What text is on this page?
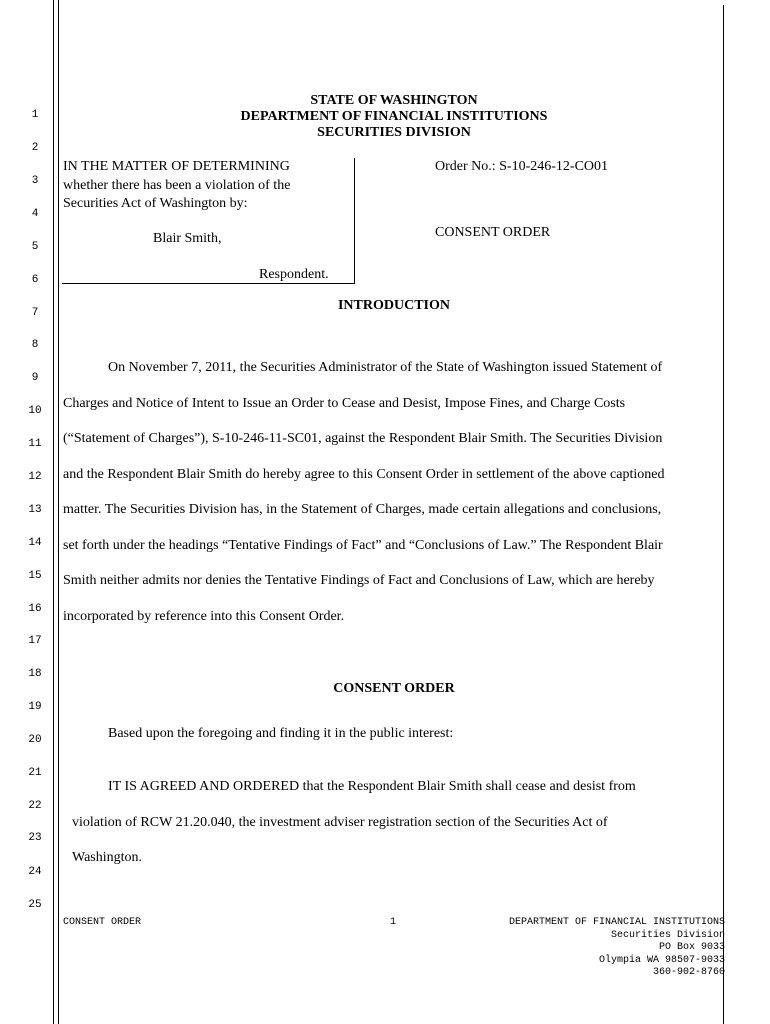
1
2
3
4
5
6
7
8
9
10
11
12
13
14
15
16
17
18
19
20
21
22
23
24
25
STATE OF WASHINGTON
DEPARTMENT OF FINANCIAL INSTITUTIONS
SECURITIES DIVISION
IN THE MATTER OF DETERMINING
whether there has been a violation of the
Securities Act of Washington by:
Blair Smith,
Respondent.
Order No.: S-10-246-12-CO01
CONSENT ORDER
INTRODUCTION
On November 7, 2011, the Securities Administrator of the State of Washington issued Statement of
Charges and Notice of Intent to Issue an Order to Cease and Desist, Impose Fines, and Charge Costs
(“Statement of Charges”), S-10-246-11-SC01, against the Respondent Blair Smith. The Securities Division
and the Respondent Blair Smith do hereby agree to this Consent Order in settlement of the above captioned
matter. The Securities Division has, in the Statement of Charges, made certain allegations and conclusions,
set forth under the headings “Tentative Findings of Fact” and “Conclusions of Law.” The Respondent Blair
Smith neither admits nor denies the Tentative Findings of Fact and Conclusions of Law, which are hereby
incorporated by reference into this Consent Order.
CONSENT ORDER
Based upon the foregoing and finding it in the public interest:
IT IS AGREED AND ORDERED that the Respondent Blair Smith shall cease and desist from
violation of RCW 21.20.040, the investment adviser registration section of the Securities Act of
Washington.
CONSENT ORDER	1	DEPARTMENT OF FINANCIAL INSTITUTIONS
Securities Division
PO Box 9033
Olympia WA 98507-9033
360-902-8760
